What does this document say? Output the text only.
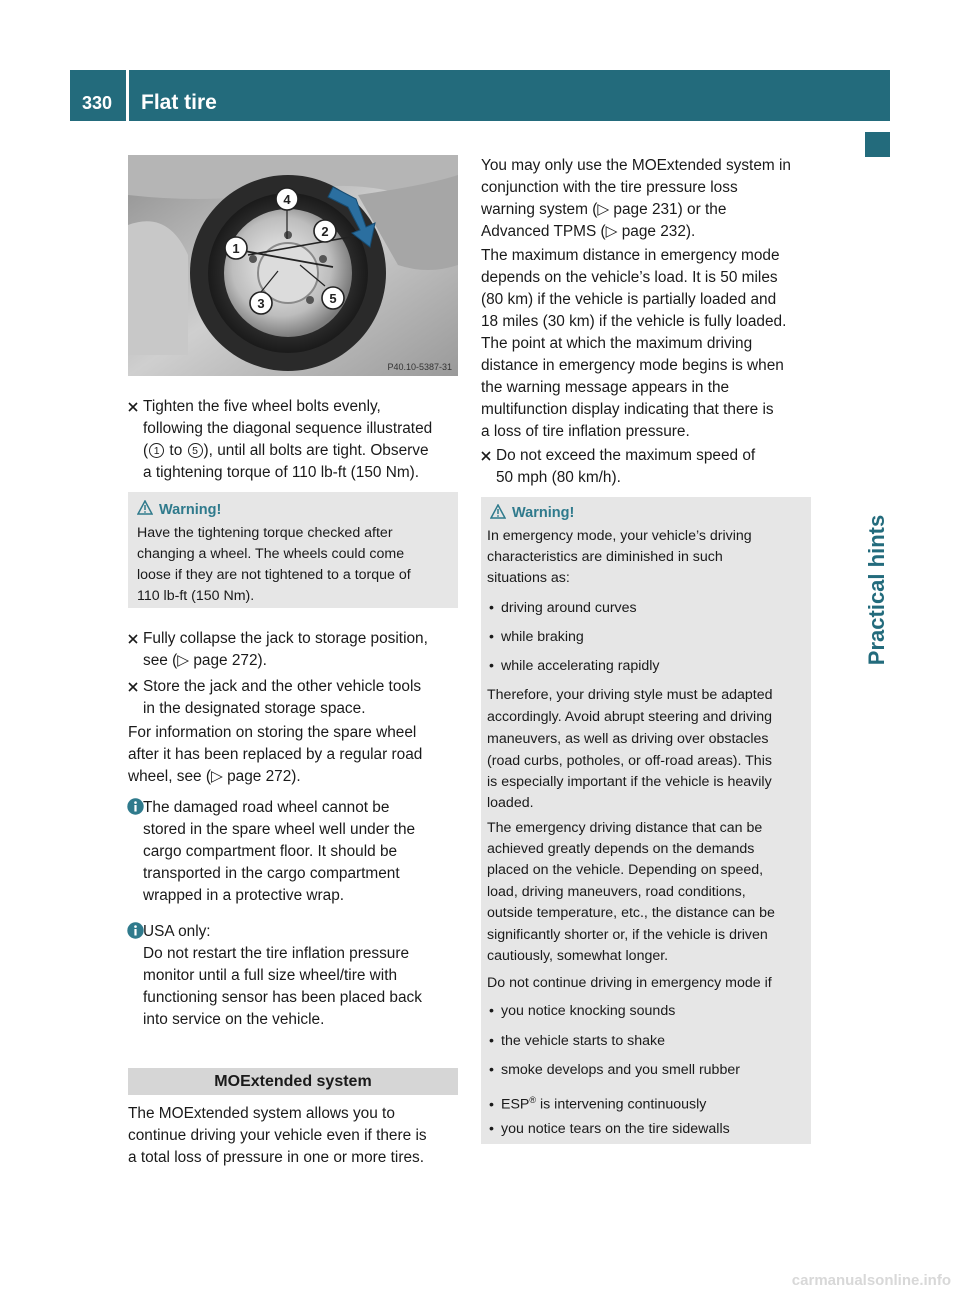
330	Flat tire
Practical hints
1
2
3
4
5
P40.10-5387-31
Tighten the five wheel bolts evenly,
following the diagonal sequence illustrated
( 1 to 5 ), until all bolts are tight. Observe
a tightening torque of 110 lb-ft (150 Nm).
Warning!
Have the tightening torque checked after
changing a wheel. The wheels could come
loose if they are not tightened to a torque of
110 lb-ft (150 Nm).
Fully collapse the jack to storage position,
see (▷ page 272).
Store the jack and the other vehicle tools
in the designated storage space.
For information on storing the spare wheel
after it has been replaced by a regular road
wheel, see (▷ page 272).
The damaged road wheel cannot be
stored in the spare wheel well under the
cargo compartment floor. It should be
transported in the cargo compartment
wrapped in a protective wrap.
USA only:
Do not restart the tire inflation pressure
monitor until a full size wheel/tire with
functioning sensor has been placed back
into service on the vehicle.
MOExtended system
The MOExtended system allows you to
continue driving your vehicle even if there is
a total loss of pressure in one or more tires.
You may only use the MOExtended system in
conjunction with the tire pressure loss
warning system (▷ page 231) or the
Advanced TPMS (▷ page 232).
The maximum distance in emergency mode
depends on the vehicle’s load. It is 50 miles
(80 km) if the vehicle is partially loaded and
18 miles (30 km) if the vehicle is fully loaded.
The point at which the maximum driving
distance in emergency mode begins is when
the warning message appears in the
multifunction display indicating that there is
a loss of tire inflation pressure.
Do not exceed the maximum speed of
50 mph (80 km/h).
Warning!
In emergency mode, your vehicle’s driving
characteristics are diminished in such
situations as:
• driving around curves
• while braking
• while accelerating rapidly
Therefore, your driving style must be adapted
accordingly. Avoid abrupt steering and driving
maneuvers, as well as driving over obstacles
(road curbs, potholes, or off-road areas). This
is especially important if the vehicle is heavily
loaded.
The emergency driving distance that can be
achieved greatly depends on the demands
placed on the vehicle. Depending on speed,
load, driving maneuvers, road conditions,
outside temperature, etc., the distance can be
significantly shorter or, if the vehicle is driven
cautiously, somewhat longer.
Do not continue driving in emergency mode if
• you notice knocking sounds
• the vehicle starts to shake
• smoke develops and you smell rubber
• ESP® is intervening continuously
• you notice tears on the tire sidewalls
carmanualsonline.info
